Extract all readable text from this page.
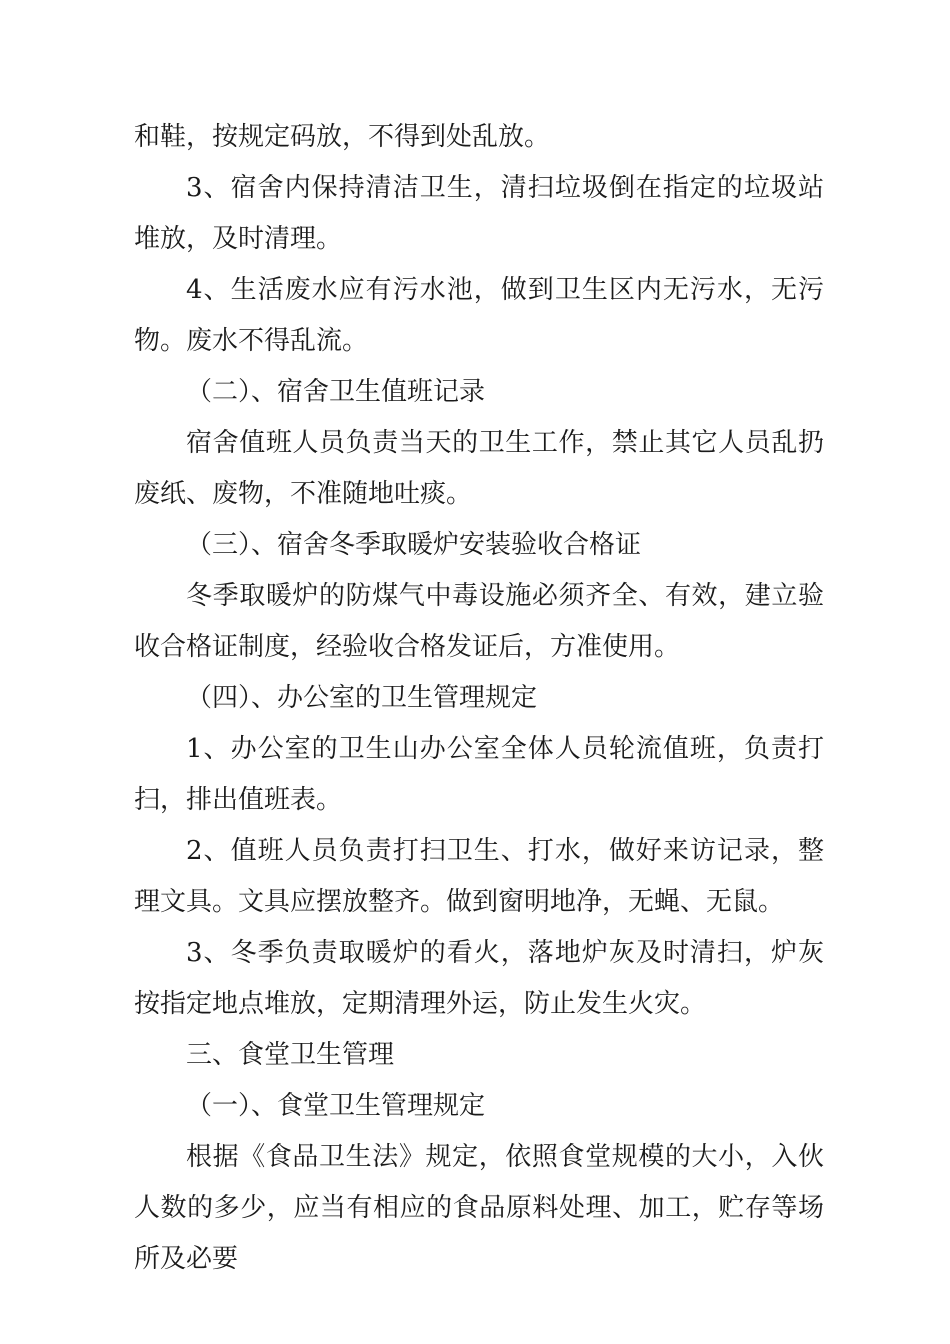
和鞋，按规定码放，不得到处乱放。

3、宿舍内保持清洁卫生，清扫垃圾倒在指定的垃圾站堆放，及时清理。

4、生活废水应有污水池，做到卫生区内无污水，无污物。废水不得乱流。

（二）、宿舍卫生值班记录

宿舍值班人员负责当天的卫生工作，禁止其它人员乱扔废纸、废物，不准随地吐痰。

（三）、宿舍冬季取暖炉安装验收合格证

冬季取暖炉的防煤气中毒设施必须齐全、有效，建立验收合格证制度，经验收合格发证后，方准使用。

（四）、办公室的卫生管理规定

1、办公室的卫生山办公室全体人员轮流值班，负责打扫，排出值班表。

2、值班人员负责打扫卫生、打水，做好来访记录，整理文具。文具应摆放整齐。做到窗明地净，无蝇、无鼠。

3、冬季负责取暖炉的看火，落地炉灰及时清扫，炉灰按指定地点堆放，定期清理外运，防止发生火灾。

三、食堂卫生管理

（一）、食堂卫生管理规定

根据《食品卫生法》规定，依照食堂规模的大小，入伙人数的多少，应当有相应的食品原料处理、加工，贮存等场所及必要
